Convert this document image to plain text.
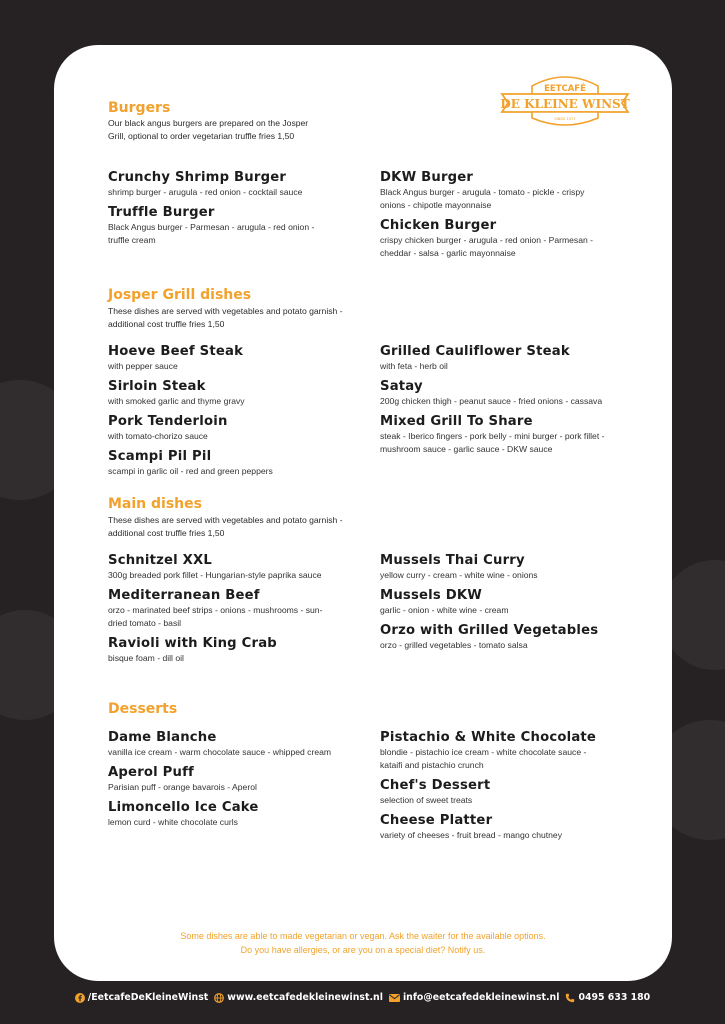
EETCAFÉ
DE KLEINE WINST
SINDS 1977
Burgers
Our black angus burgers are prepared on the Josper Grill, optional to order vegetarian truffle fries 1,50
Crunchy Shrimp Burger
shrimp burger - arugula - red onion - cocktail sauce
Truffle Burger
Black Angus burger - Parmesan - arugula - red onion - truffle cream
DKW Burger
Black Angus burger - arugula - tomato - pickle - crispy onions - chipotle mayonnaise
Chicken Burger
crispy chicken burger - arugula - red onion - Parmesan - cheddar - salsa - garlic mayonnaise
Josper Grill dishes
These dishes are served with vegetables and potato garnish - additional cost truffle fries 1,50
Hoeve Beef Steak
with pepper sauce
Sirloin Steak
with smoked garlic and thyme gravy
Pork Tenderloin
with tomato-chorizo sauce
Scampi Pil Pil
scampi in garlic oil - red and green peppers
Grilled Cauliflower Steak
with feta - herb oil
Satay
200g chicken thigh - peanut sauce - fried onions - cassava
Mixed Grill To Share
steak - Iberico fingers - pork belly - mini burger - pork fillet - mushroom sauce - garlic sauce - DKW sauce
Main dishes
These dishes are served with vegetables and potato garnish - additional cost truffle fries 1,50
Schnitzel XXL
300g breaded pork fillet - Hungarian-style paprika sauce
Mediterranean Beef
orzo - marinated beef strips - onions - mushrooms - sun-dried tomato - basil
Ravioli with King Crab
bisque foam - dill oil
Mussels Thai Curry
yellow curry - cream - white wine - onions
Mussels DKW
garlic - onion - white wine - cream
Orzo with Grilled Vegetables
orzo - grilled vegetables - tomato salsa
Desserts
Dame Blanche
vanilla ice cream - warm chocolate sauce - whipped cream
Aperol Puff
Parisian puff - orange bavarois - Aperol
Limoncello Ice Cake
lemon curd - white chocolate curls
Pistachio & White Chocolate
blondie - pistachio ice cream - white chocolate sauce - kataifi and pistachio crunch
Chef's Dessert
selection of sweet treats
Cheese Platter
variety of cheeses - fruit bread - mango chutney
Some dishes are able to made vegetarian or vegan. Ask the waiter for the available options.
Do you have allergies, or are you on a special diet? Notify us.
/EetcafeDeKleineWinst www.eetcafedekleinewinst.nl info@eetcafedekleinewinst.nl 0495 633 180
